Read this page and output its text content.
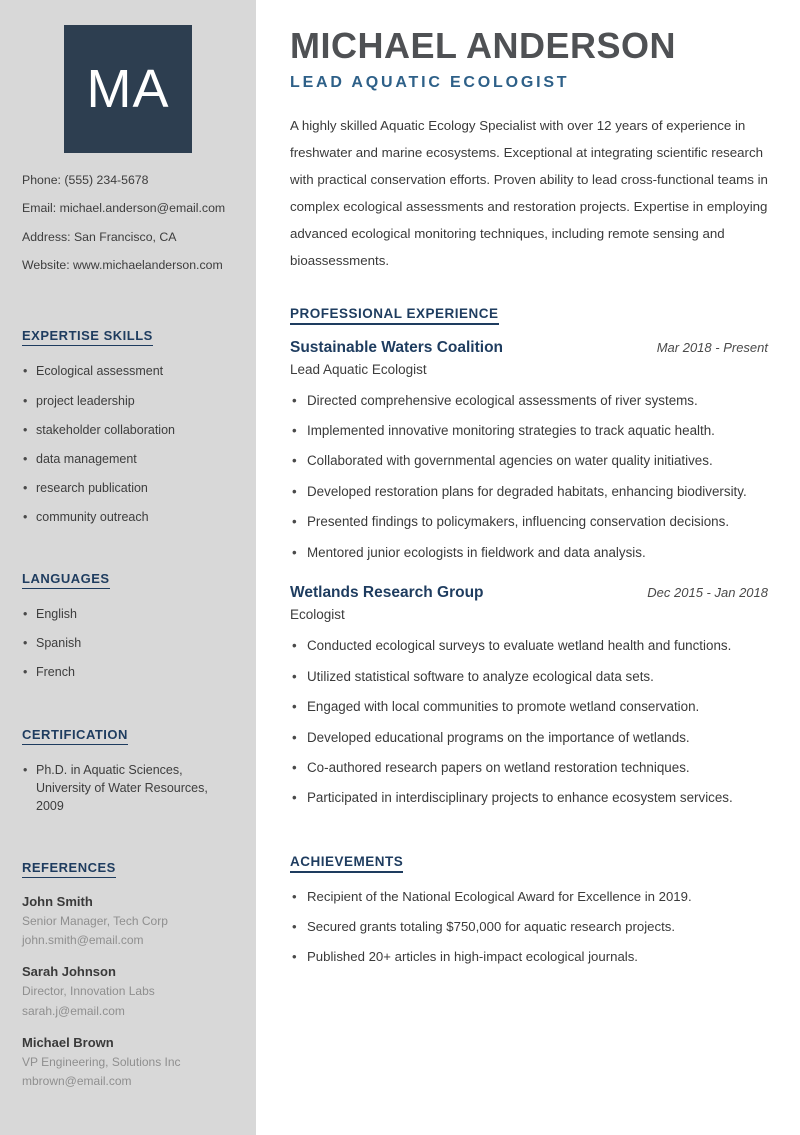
MA
Phone: (555) 234-5678
Email: michael.anderson@email.com
Address: San Francisco, CA
Website: www.michaelanderson.com
EXPERTISE SKILLS
• Ecological assessment
• project leadership
• stakeholder collaboration
• data management
• research publication
• community outreach
LANGUAGES
• English
• Spanish
• French
CERTIFICATION
• Ph.D. in Aquatic Sciences, University of Water Resources, 2009
REFERENCES
John Smith
Senior Manager, Tech Corp
john.smith@email.com
Sarah Johnson
Director, Innovation Labs
sarah.j@email.com
Michael Brown
VP Engineering, Solutions Inc
mbrown@email.com
MICHAEL ANDERSON
LEAD AQUATIC ECOLOGIST

A highly skilled Aquatic Ecology Specialist with over 12 years of experience in freshwater and marine ecosystems. Exceptional at integrating scientific research with practical conservation efforts. Proven ability to lead cross-functional teams in complex ecological assessments and restoration projects. Expertise in employing advanced ecological monitoring techniques, including remote sensing and bioassessments.

PROFESSIONAL EXPERIENCE
Sustainable Waters Coalition	Mar 2018 - Present
Lead Aquatic Ecologist
• Directed comprehensive ecological assessments of river systems.
• Implemented innovative monitoring strategies to track aquatic health.
• Collaborated with governmental agencies on water quality initiatives.
• Developed restoration plans for degraded habitats, enhancing biodiversity.
• Presented findings to policymakers, influencing conservation decisions.
• Mentored junior ecologists in fieldwork and data analysis.
Wetlands Research Group	Dec 2015 - Jan 2018
Ecologist
• Conducted ecological surveys to evaluate wetland health and functions.
• Utilized statistical software to analyze ecological data sets.
• Engaged with local communities to promote wetland conservation.
• Developed educational programs on the importance of wetlands.
• Co-authored research papers on wetland restoration techniques.
• Participated in interdisciplinary projects to enhance ecosystem services.
ACHIEVEMENTS
• Recipient of the National Ecological Award for Excellence in 2019.
• Secured grants totaling $750,000 for aquatic research projects.
• Published 20+ articles in high-impact ecological journals.
